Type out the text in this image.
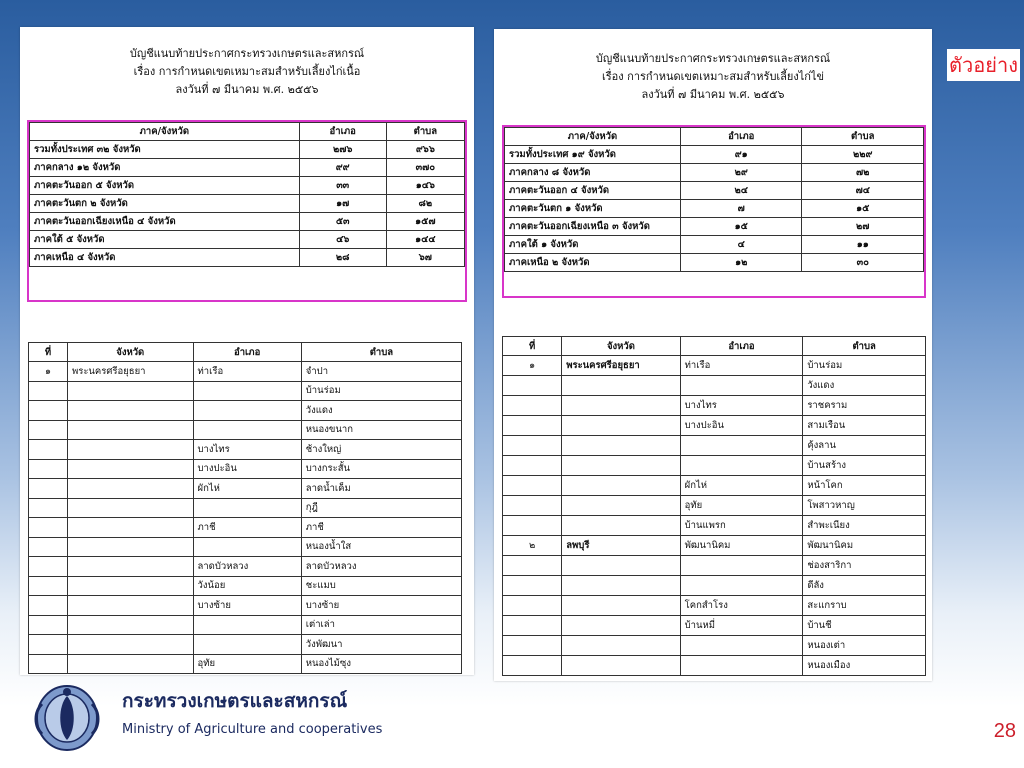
บัญชีแนบท้ายประกาศกระทรวงเกษตรและสหกรณ์
เรื่อง การกำหนดเขตเหมาะสมสำหรับเลี้ยงไก่เนื้อ
ลงวันที่ ๗ มีนาคม พ.ศ. ๒๕๕๖
ภาค/จังหวัด	อำเภอ	ตำบล
รวมทั้งประเทศ ๓๒ จังหวัด	๒๗๖	๙๖๖
ภาคกลาง ๑๒ จังหวัด	๙๙	๓๗๐
ภาคตะวันออก ๕ จังหวัด	๓๓	๑๔๖
ภาคตะวันตก ๒ จังหวัด	๑๗	๘๒
ภาคตะวันออกเฉียงเหนือ ๔ จังหวัด	๕๓	๑๕๗
ภาคใต้ ๕ จังหวัด	๔๖	๑๔๔
ภาคเหนือ ๔ จังหวัด	๒๘	๖๗
ที่	จังหวัด	อำเภอ	ตำบล
๑	พระนครศรีอยุธยา	ท่าเรือ	จำปา
			บ้านร่อม
			วังแดง
			หนองขนาก
		บางไทร	ช้างใหญ่
		บางปะอิน	บางกระสั้น
		ผักไห่	ลาดน้ำเค็ม
			กุฎี
		ภาชี	ภาชี
			หนองน้ำใส
		ลาดบัวหลวง	ลาดบัวหลวง
		วังน้อย	ชะแมบ
		บางซ้าย	บางซ้าย
			เต่าเล่า
			วังพัฒนา
		อุทัย	หนองไม้ซุง
บัญชีแนบท้ายประกาศกระทรวงเกษตรและสหกรณ์
เรื่อง การกำหนดเขตเหมาะสมสำหรับเลี้ยงไก่ไข่
ลงวันที่ ๗ มีนาคม พ.ศ. ๒๕๕๖
ภาค/จังหวัด	อำเภอ	ตำบล
รวมทั้งประเทศ ๑๙ จังหวัด	๙๑	๒๒๙
ภาคกลาง ๘ จังหวัด	๒๙	๗๒
ภาคตะวันออก ๔ จังหวัด	๒๔	๗๔
ภาคตะวันตก ๑ จังหวัด	๗	๑๕
ภาคตะวันออกเฉียงเหนือ ๓ จังหวัด	๑๕	๒๗
ภาคใต้ ๑ จังหวัด	๔	๑๑
ภาคเหนือ ๒ จังหวัด	๑๒	๓๐
ที่	จังหวัด	อำเภอ	ตำบล
๑	พระนครศรีอยุธยา	ท่าเรือ	บ้านร่อม
			วังแดง
		บางไทร	ราชคราม
		บางปะอิน	สามเรือน
			คุ้งลาน
			บ้านสร้าง
		ผักไห่	หน้าโคก
		อุทัย	โพสาวหาญ
		บ้านแพรก	สำพะเนียง
๒	ลพบุรี	พัฒนานิคม	พัฒนานิคม
			ช่องสาริกา
			ดีลัง
		โคกสำโรง	สะแกราบ
		บ้านหมี่	บ้านชี
			หนองเต่า
			หนองเมือง
ตัวอย่าง
กระทรวงเกษตรและสหกรณ์
Ministry of Agriculture and cooperatives	28
